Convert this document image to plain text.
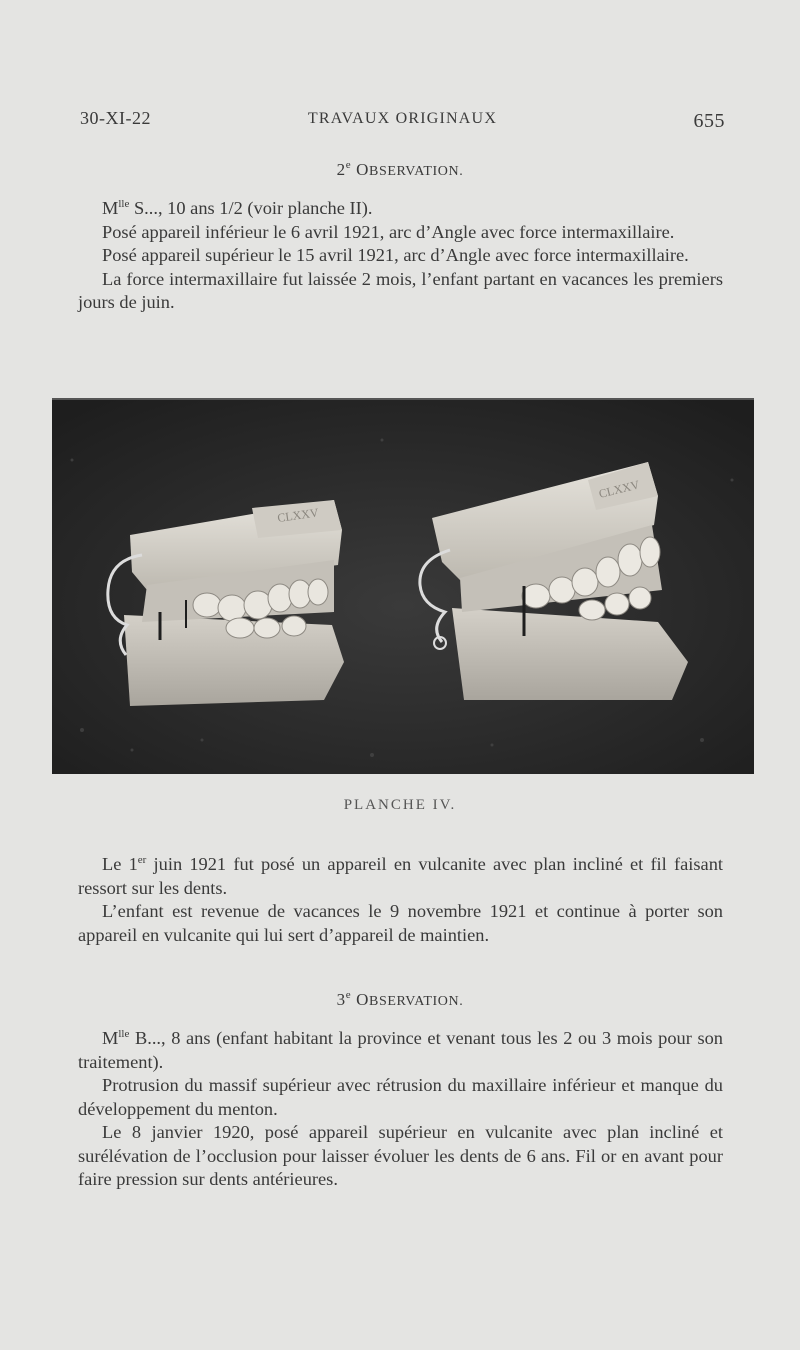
30-XI-22	TRAVAUX ORIGINAUX	655
2e OBSERVATION.

$M^{lle}$ S..., 10 ans 1/2 (voir planche II).

Posé appareil inférieur le 6 avril 1921, arc d’Angle avec force intermaxillaire.

Posé appareil supérieur le 15 avril 1921, arc d’Angle avec force intermaxillaire.

La force intermaxillaire fut laissée 2 mois, l’enfant partant en vacances les premiers jours de juin.

CLXXV
CLXXV
PLANCHE IV.

Le 1er juin 1921 fut posé un appareil en vulcanite avec plan incliné et fil faisant ressort sur les dents.

L’enfant est revenue de vacances le 9 novembre 1921 et continue à porter son appareil en vulcanite qui lui sert d’appareil de maintien.

3e OBSERVATION.

$M^{lle}$ B..., 8 ans (enfant habitant la province et venant tous les 2 ou 3 mois pour son traitement).

Protrusion du massif supérieur avec rétrusion du maxillaire inférieur et manque du développement du menton.

Le 8 janvier 1920, posé appareil supérieur en vulcanite avec plan incliné et surélévation de l’occlusion pour laisser évoluer les dents de 6 ans. Fil or en avant pour faire pression sur dents antérieures.
